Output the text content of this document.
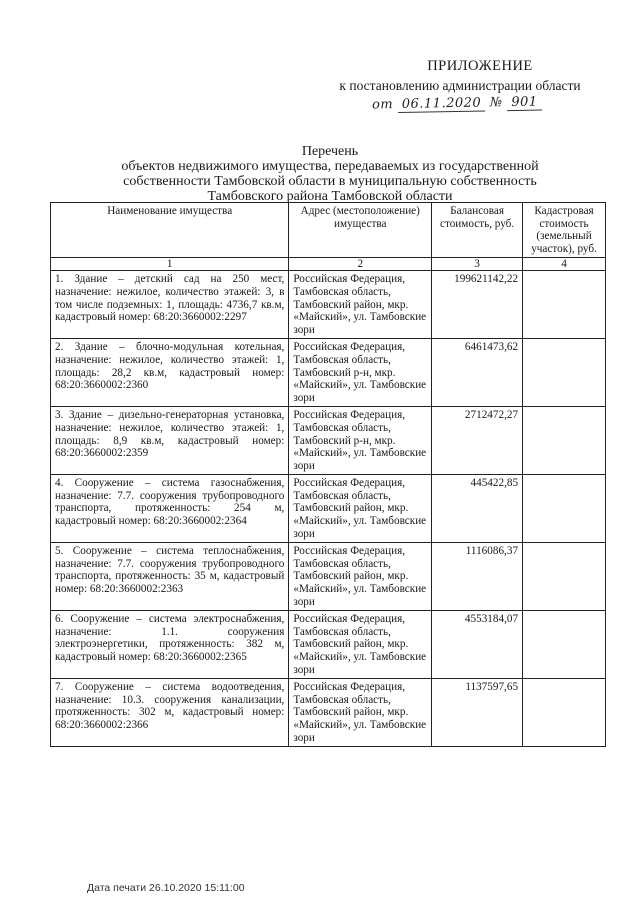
ПРИЛОЖЕНИЕ
к постановлению администрации области
от 06.11.2020 № 901
Перечень
объектов недвижимого имущества, передаваемых из государственной
собственности Тамбовской области в муниципальную собственность
Тамбовского района Тамбовской области
Наименование имущества	Адрес (местоположение) имущества	Балансовая стоимость, руб.	Кадастровая стоимость (земельный участок), руб.
1	2	3	4
1. Здание – детский сад на 250 мест, назначение: нежилое, количество этажей: 3, в том числе подземных: 1, площадь: 4736,7 кв.м, кадастровый номер: 68:20:3660002:2297	Российская Федерация, Тамбовская область, Тамбовский район, мкр. «Майский», ул. Тамбовские зори	199621142,22	
2. Здание – блочно-модульная котельная, назначение: нежилое, количество этажей: 1, площадь: 28,2 кв.м, кадастровый номер: 68:20:3660002:2360	Российская Федерация, Тамбовская область, Тамбовский р-н, мкр. «Майский», ул. Тамбовские зори	6461473,62	
3. Здание – дизельно-генераторная установка, назначение: нежилое, количество этажей: 1, площадь: 8,9 кв.м, кадастровый номер: 68:20:3660002:2359	Российская Федерация, Тамбовская область, Тамбовский р-н, мкр. «Майский», ул. Тамбовские зори	2712472,27	
4. Сооружение – система газоснабжения, назначение: 7.7. сооружения трубопроводного транспорта, протяженность: 254 м, кадастровый номер: 68:20:3660002:2364	Российская Федерация, Тамбовская область, Тамбовский район, мкр. «Майский», ул. Тамбовские зори	445422,85	
5. Сооружение – система теплоснабжения, назначение: 7.7. сооружения трубопроводного транспорта, протяженность: 35 м, кадастровый номер: 68:20:3660002:2363	Российская Федерация, Тамбовская область, Тамбовский район, мкр. «Майский», ул. Тамбовские зори	1116086,37	
6. Сооружение – система электроснабжения, назначение: 1.1. сооружения электроэнергетики, протяженность: 382 м, кадастровый номер: 68:20:3660002:2365	Российская Федерация, Тамбовская область, Тамбовский район, мкр. «Майский», ул. Тамбовские зори	4553184,07	
7. Сооружение – система водоотведения, назначение: 10.3. сооружения канализации, протяженность: 302 м, кадастровый номер: 68:20:3660002:2366	Российская Федерация, Тамбовская область, Тамбовский район, мкр. «Майский», ул. Тамбовские зори	1137597,65	
Дата печати 26.10.2020 15:11:00
